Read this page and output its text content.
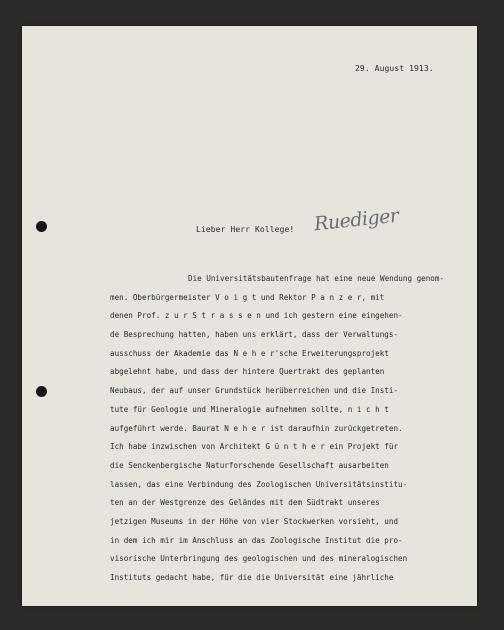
29. August 1913.
Lieber Herr Kollege! Ruediger
Die Universitätsbautenfrage hat eine neue Wendung genom-
men. Oberbürgermeister V o i g t und Rektor P a n z e r, mit
denen Prof. z u r S t r a s s e n und ich gestern eine eingehen-
de Besprechung hatten, haben uns erklärt, dass der Verwaltungs-
ausschuss der Akademie das N e h e r'sche Erweiterungsprojekt
abgelehnt habe, und dass der hintere Quertrakt des geplanten
Neubaus, der auf unser Grundstück herüberreichen und die Insti-
tute für Geologie und Mineralogie aufnehmen sollte, n i c h t
aufgeführt werde. Baurat N e h e r ist daraufhin zurückgetreten.
Ich habe inzwischen von Architekt G ü n t h e r ein Projekt für
die Senckenbergische Naturforschende Gesellschaft ausarbeiten
lassen, das eine Verbindung des Zoologischen Universitätsinstitu-
ten an der Westgrenze des Geländes mit dem Südtrakt unseres
jetzigen Museums in der Höhe von vier Stockwerken vorsieht, und
in dem ich mir im Anschluss an das Zoologische Institut die pro-
visorische Unterbringung des geologischen und des mineralogischen
Instituts gedacht habe, für die die Universität eine jährliche
